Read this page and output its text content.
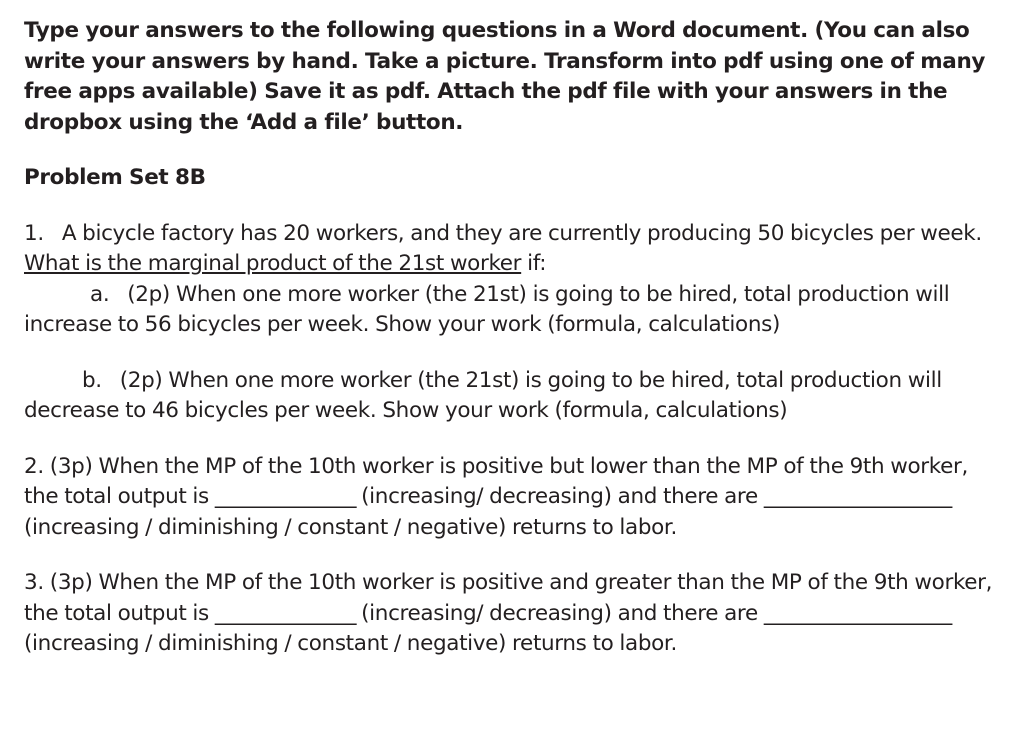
Type your answers to the following questions in a Word document. (You can also write your answers by hand. Take a picture. Transform into pdf using one of many free apps available) Save it as pdf. Attach the pdf file with your answers in the dropbox using the ‘Add a file’ button.

Problem Set 8B

1. A bicycle factory has 20 workers, and they are currently producing 50 bicycles per week. What is the marginal product of the 21st worker if:

a. (2p) When one more worker (the 21st) is going to be hired, total production will increase to 56 bicycles per week. Show your work (formula, calculations)

b. (2p) When one more worker (the 21st) is going to be hired, total production will decrease to 46 bicycles per week. Show your work (formula, calculations)

2. (3p) When the MP of the 10th worker is positive but lower than the MP of the 9th worker, the total output is _______________ (increasing/ decreasing) and there are ____________________ (increasing / diminishing / constant / negative) returns to labor.

3. (3p) When the MP of the 10th worker is positive and greater than the MP of the 9th worker, the total output is _______________ (increasing/ decreasing) and there are ____________________ (increasing / diminishing / constant / negative) returns to labor.
